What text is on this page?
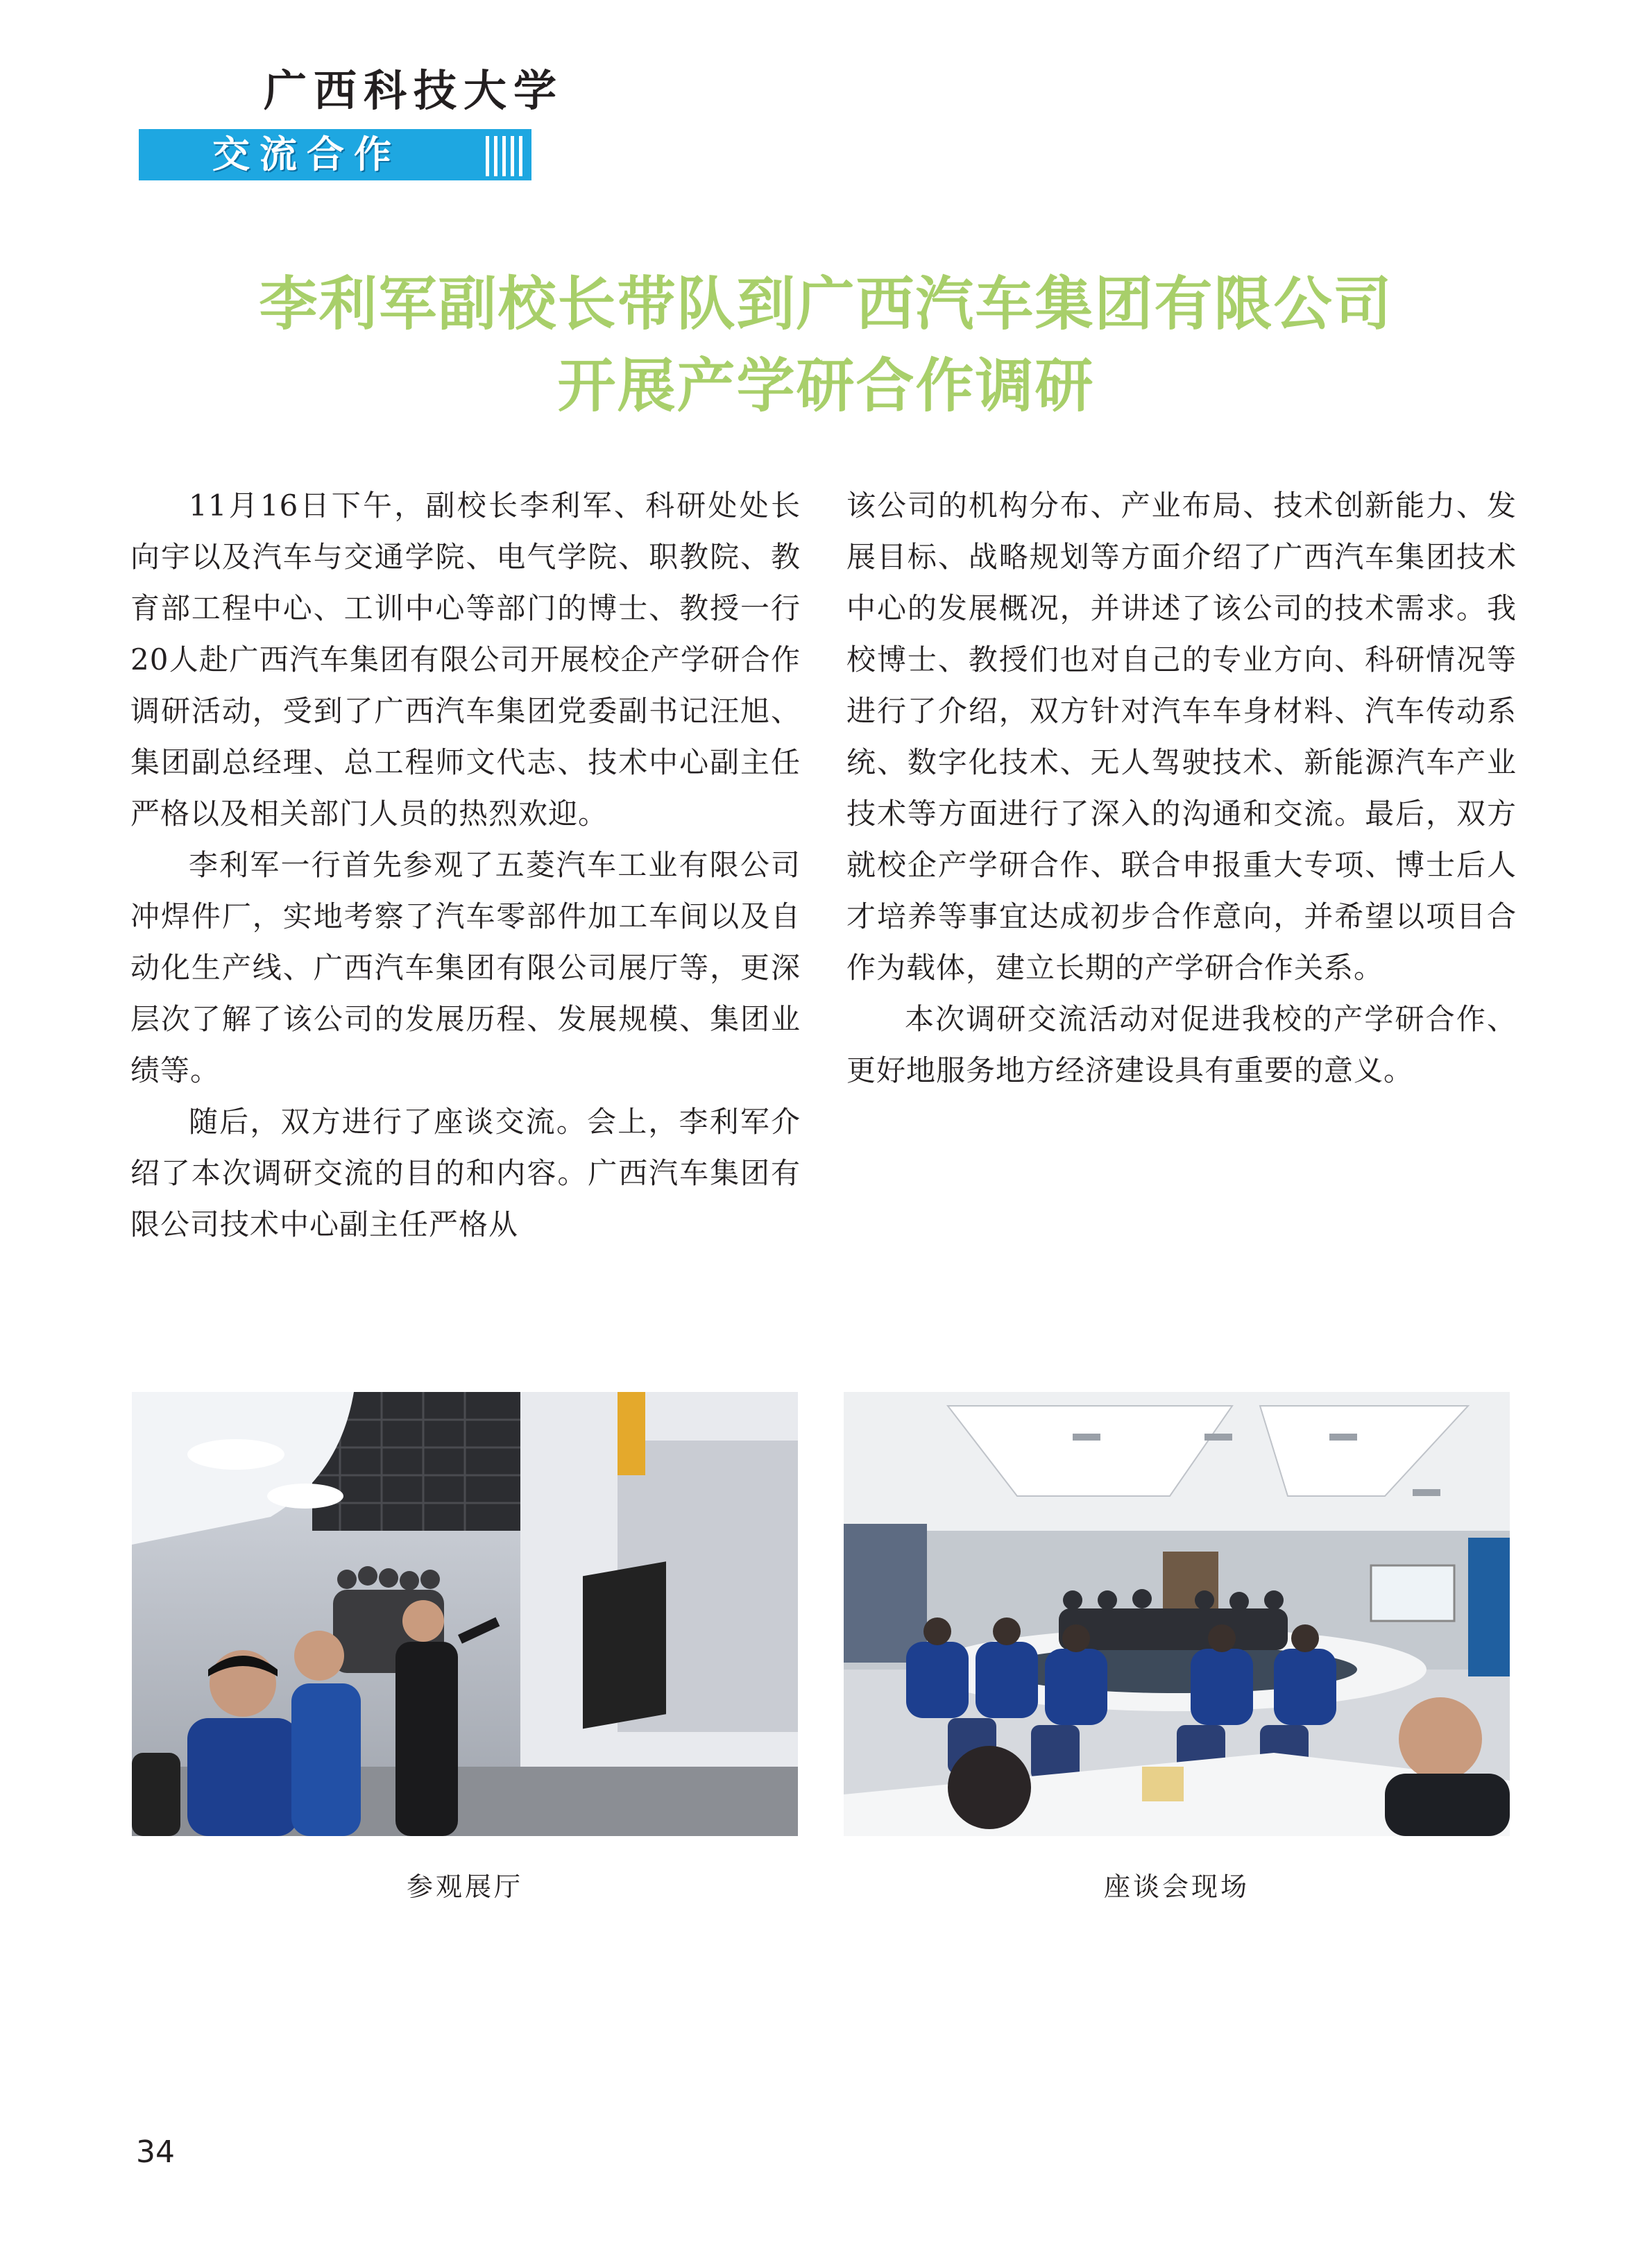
广西科技大学
交流合作
李利军副校长带队到广西汽车集团有限公司
开展产学研合作调研

11月16日下午，副校长李利军、科研处处长向宇以及汽车与交通学院、电气学院、职教院、教育部工程中心、工训中心等部门的博士、教授一行20人赴广西汽车集团有限公司开展校企产学研合作调研活动，受到了广西汽车集团党委副书记汪旭、集团副总经理、总工程师文代志、技术中心副主任严格以及相关部门人员的热烈欢迎。

李利军一行首先参观了五菱汽车工业有限公司冲焊件厂，实地考察了汽车零部件加工车间以及自动化生产线、广西汽车集团有限公司展厅等，更深层次了解了该公司的发展历程、发展规模、集团业绩等。

随后，双方进行了座谈交流。会上，李利军介绍了本次调研交流的目的和内容。广西汽车集团有限公司技术中心副主任严格从

该公司的机构分布、产业布局、技术创新能力、发展目标、战略规划等方面介绍了广西汽车集团技术中心的发展概况，并讲述了该公司的技术需求。我校博士、教授们也对自己的专业方向、科研情况等进行了介绍，双方针对汽车车身材料、汽车传动系统、数字化技术、无人驾驶技术、新能源汽车产业技术等方面进行了深入的沟通和交流。最后，双方就校企产学研合作、联合申报重大专项、博士后人才培养等事宜达成初步合作意向，并希望以项目合作为载体，建立长期的产学研合作关系。

本次调研交流活动对促进我校的产学研合作、更好地服务地方经济建设具有重要的意义。

参观展厅	座谈会现场
34
